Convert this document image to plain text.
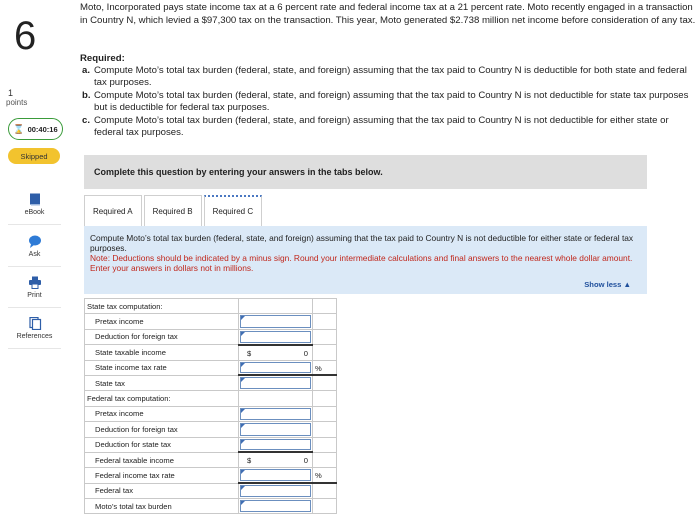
6
1
points
⌛ 00:40:16
Skipped
eBook
Ask
Print
References
Moto, Incorporated pays state income tax at a 6 percent rate and federal income tax at a 21 percent rate. Moto recently engaged in a transaction in Country N, which levied a $97,300 tax on the transaction. This year, Moto generated $2.738 million net income before consideration of any tax.
Required:
a. Compute Moto’s total tax burden (federal, state, and foreign) assuming that the tax paid to Country N is deductible for both state and federal tax purposes.
b. Compute Moto’s total tax burden (federal, state, and foreign) assuming that the tax paid to Country N is not deductible for state tax purposes but is deductible for federal tax purposes.
c. Compute Moto’s total tax burden (federal, state, and foreign) assuming that the tax paid to Country N is not deductible for either state or federal tax purposes.
Complete this question by entering your answers in the tabs below.
Required A	Required B	Required C
Compute Moto’s total tax burden (federal, state, and foreign) assuming that the tax paid to Country N is not deductible for either state or federal tax purposes.
Note: Deductions should be indicated by a minus sign. Round your intermediate calculations and final answers to the nearest whole dollar amount. Enter your answers in dollars not in millions.
Show less ▲
State tax computation:		
Pretax income	

Deduction for foreign tax	

State taxable income	$ 0	

State income tax rate		%

State tax	

Federal tax computation:		
Pretax income	

Deduction for foreign tax	

Deduction for state tax	

Federal taxable income	$ 0	

Federal income tax rate		%

Federal tax	

Moto’s total tax burden	
